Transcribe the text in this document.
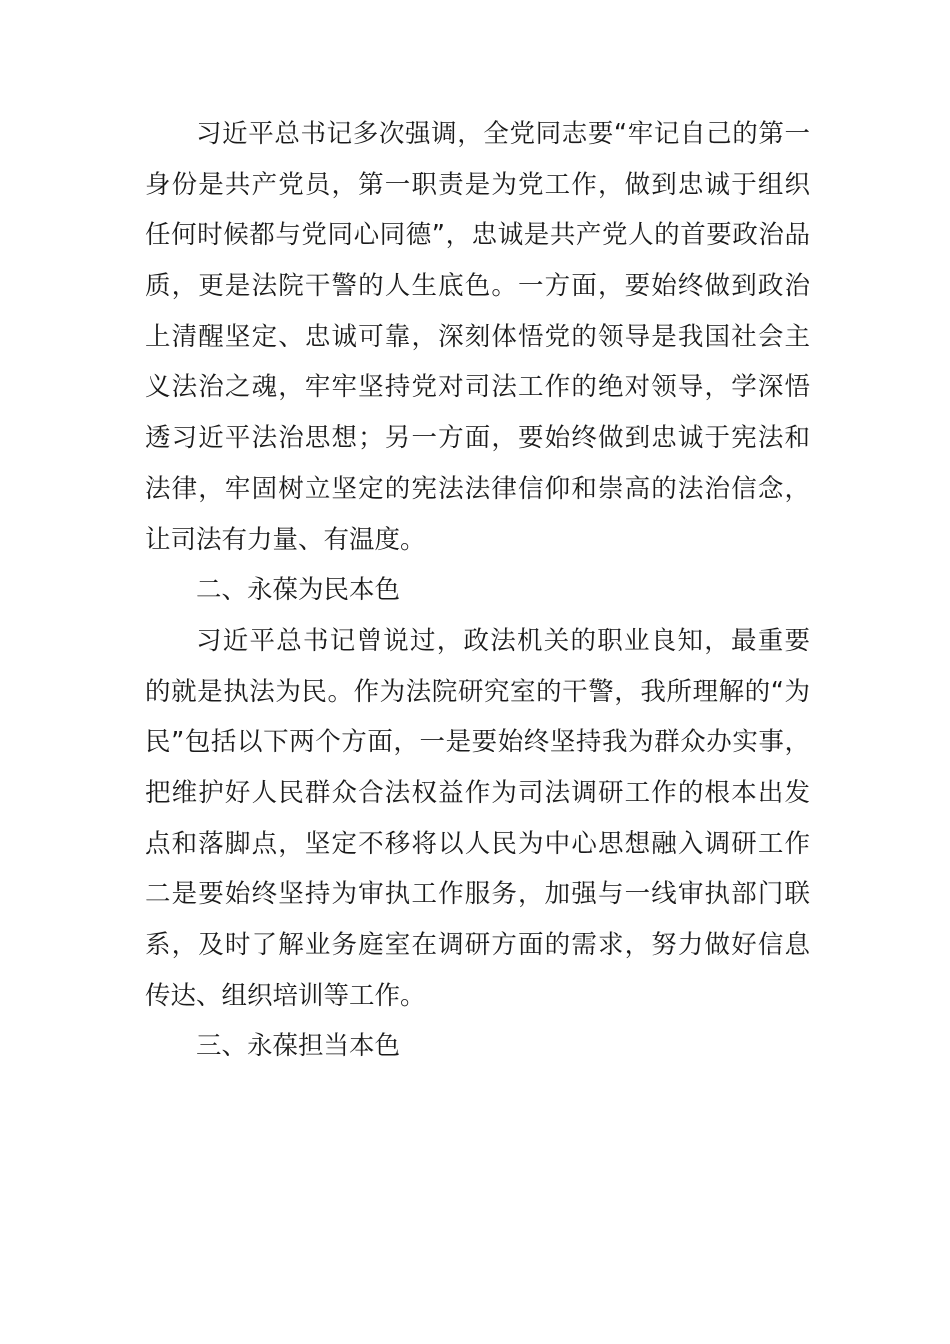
习近平总书记多次强调，全党同志要“牢记自己的第一
身份是共产党员，第一职责是为党工作，做到忠诚于组织
任何时候都与党同心同德”，忠诚是共产党人的首要政治品
质，更是法院干警的人生底色。一方面，要始终做到政治
上清醒坚定、忠诚可靠，深刻体悟党的领导是我国社会主
义法治之魂，牢牢坚持党对司法工作的绝对领导，学深悟
透习近平法治思想；另一方面，要始终做到忠诚于宪法和
法律，牢固树立坚定的宪法法律信仰和崇高的法治信念，
让司法有力量、有温度。
二、永葆为民本色
习近平总书记曾说过，政法机关的职业良知，最重要
的就是执法为民。作为法院研究室的干警，我所理解的“为
民”包括以下两个方面，一是要始终坚持我为群众办实事，
把维护好人民群众合法权益作为司法调研工作的根本出发
点和落脚点，坚定不移将以人民为中心思想融入调研工作
二是要始终坚持为审执工作服务，加强与一线审执部门联
系，及时了解业务庭室在调研方面的需求，努力做好信息
传达、组织培训等工作。
三、永葆担当本色
